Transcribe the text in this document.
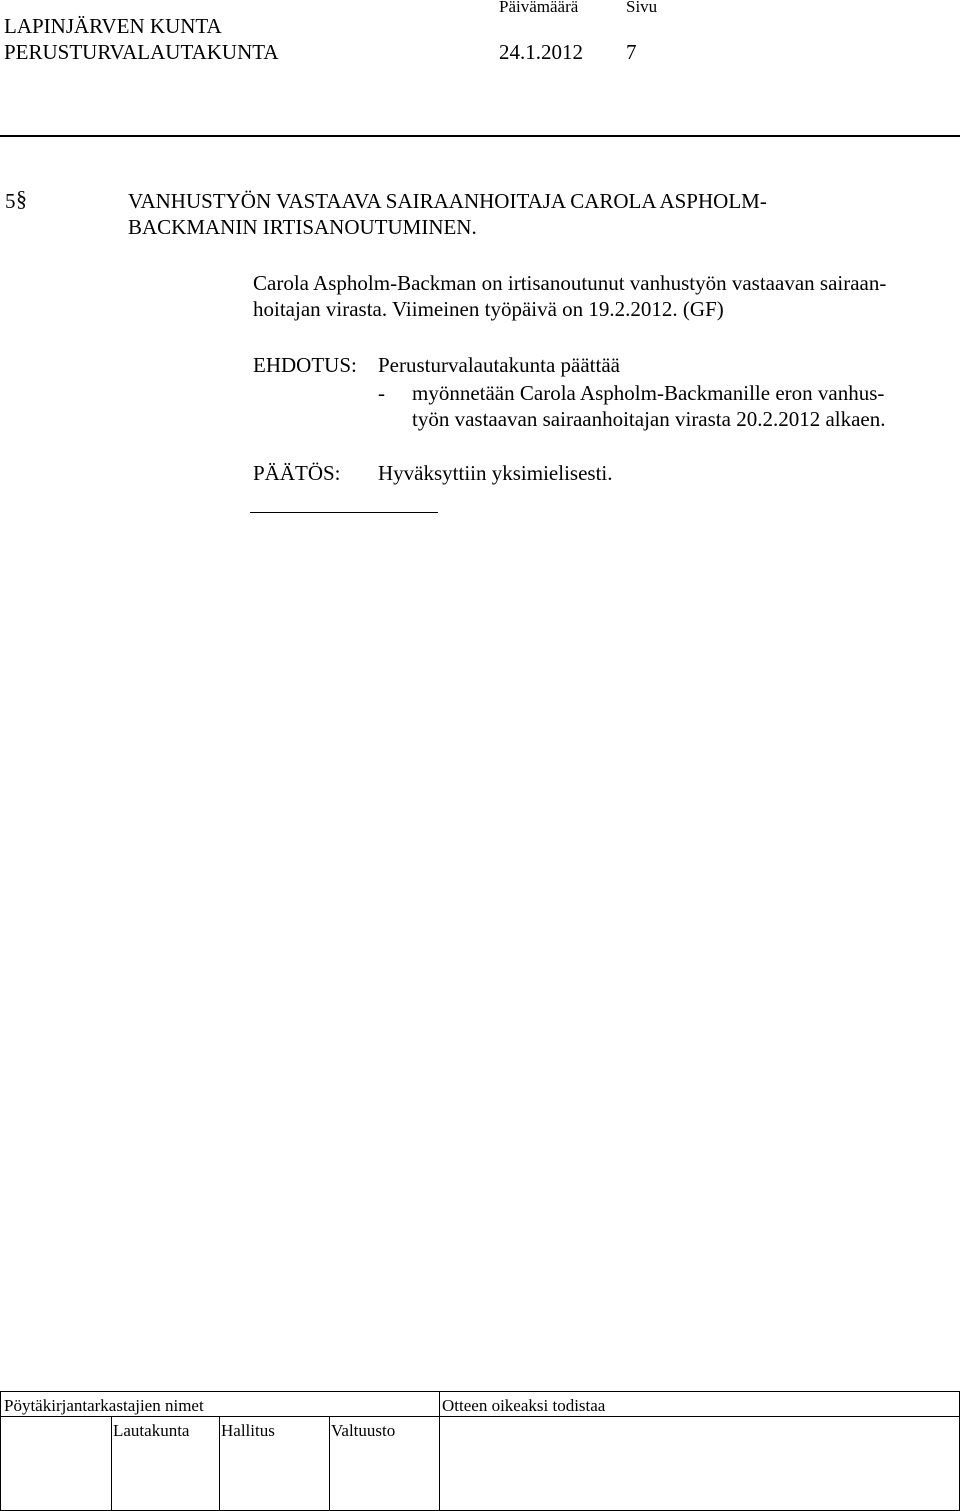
LAPINJÄRVEN KUNTA
PERUSTURVALAUTAKUNTA
Päivämäärä	Sivu
24.1.2012 7
5 §	VANHUSTYÖN VASTAAVA SAIRAANHOITAJA CAROLA ASPHOLM-
BACKMANIN IRTISANOUTUMINEN.
Carola Aspholm-Backman on irtisanoutunut vanhustyön vastaavan sairaan-
hoitajan virasta. Viimeinen työpäivä on 19.2.2012. (GF)
EHDOTUS: Perusturvalautakunta päättää
- myönnetään Carola Aspholm-Backmanille eron vanhus-
työn vastaavan sairaanhoitajan virasta 20.2.2012 alkaen.
PÄÄTÖS: Hyväksyttiin yksimielisesti.
Pöytäkirjantarkastajien nimet	Otteen oikeaksi todistaa
Lautakunta Hallitus	Valtuusto
